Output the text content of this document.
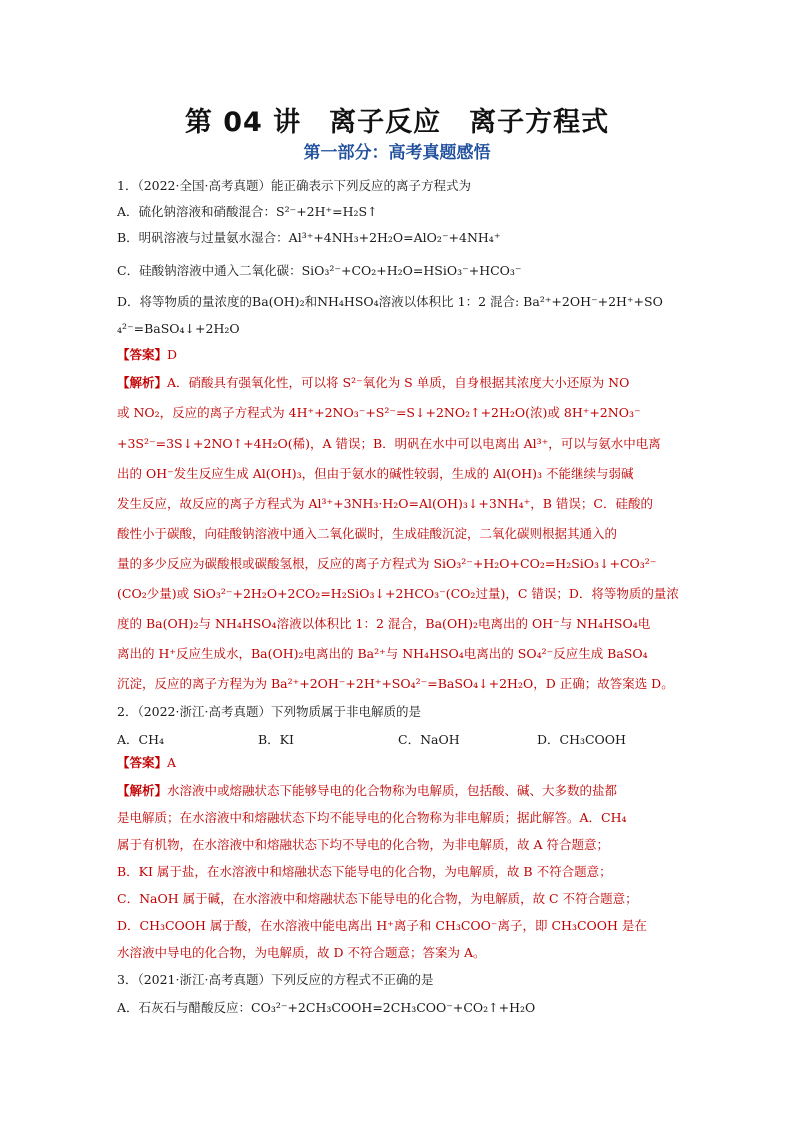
第 04 讲　离子反应　离子方程式
第一部分：高考真题感悟
1．（2022·全国·高考真题）能正确表示下列反应的离子方程式为
A．硫化钠溶液和硝酸混合：S²⁻+2H⁺=H₂S↑
B．明矾溶液与过量氨水湿合：Al³⁺+4NH₃+2H₂O=AlO₂⁻+4NH₄⁺
C．硅酸钠溶液中通入二氧化碳：SiO₃²⁻+CO₂+H₂O=HSiO₃⁻+HCO₃⁻
D．将等物质的量浓度的Ba(OH)₂和NH₄HSO₄溶液以体积比 1：2 混合: Ba²⁺+2OH⁻+2H⁺+SO
₄²⁻=BaSO₄↓+2H₂O
【答案】D
【解析】A．硝酸具有强氧化性，可以将 S²⁻氧化为 S 单质，自身根据其浓度大小还原为 NO
或 NO₂，反应的离子方程式为 4H⁺+2NO₃⁻+S²⁻=S↓+2NO₂↑+2H₂O(浓)或 8H⁺+2NO₃⁻
+3S²⁻=3S↓+2NO↑+4H₂O(稀)，A 错误；B．明矾在水中可以电离出 Al³⁺，可以与氨水中电离
出的 OH⁻发生反应生成 Al(OH)₃，但由于氨水的碱性较弱，生成的 Al(OH)₃ 不能继续与弱碱
发生反应，故反应的离子方程式为 Al³⁺+3NH₃·H₂O=Al(OH)₃↓+3NH₄⁺，B 错误；C．硅酸的
酸性小于碳酸，向硅酸钠溶液中通入二氧化碳时，生成硅酸沉淀，二氧化碳则根据其通入的
量的多少反应为碳酸根或碳酸氢根，反应的离子方程式为 SiO₃²⁻+H₂O+CO₂=H₂SiO₃↓+CO₃²⁻
(CO₂少量)或 SiO₃²⁻+2H₂O+2CO₂=H₂SiO₃↓+2HCO₃⁻(CO₂过量)，C 错误；D．将等物质的量浓
度的 Ba(OH)₂与 NH₄HSO₄溶液以体积比 1：2 混合，Ba(OH)₂电离出的 OH⁻与 NH₄HSO₄电
离出的 H⁺反应生成水，Ba(OH)₂电离出的 Ba²⁺与 NH₄HSO₄电离出的 SO₄²⁻反应生成 BaSO₄
沉淀，反应的离子方程为为 Ba²⁺+2OH⁻+2H⁺+SO₄²⁻=BaSO₄↓+2H₂O，D 正确；故答案选 D。
2．（2022·浙江·高考真题）下列物质属于非电解质的是
A．CH₄	B．KI	C．NaOH	D．CH₃COOH
【答案】A
【解析】水溶液中或熔融状态下能够导电的化合物称为电解质，包括酸、碱、大多数的盐都
是电解质；在水溶液中和熔融状态下均不能导电的化合物称为非电解质；据此解答。A．CH₄
属于有机物，在水溶液中和熔融状态下均不导电的化合物，为非电解质，故 A 符合题意；
B．KI 属于盐，在水溶液中和熔融状态下能导电的化合物，为电解质，故 B 不符合题意；
C．NaOH 属于碱，在水溶液中和熔融状态下能导电的化合物，为电解质，故 C 不符合题意；
D．CH₃COOH 属于酸，在水溶液中能电离出 H⁺离子和 CH₃COO⁻离子，即 CH₃COOH 是在
水溶液中导电的化合物，为电解质，故 D 不符合题意；答案为 A。
3．（2021·浙江·高考真题）下列反应的方程式不正确的是
A．石灰石与醋酸反应：CO₃²⁻+2CH₃COOH=2CH₃COO⁻+CO₂↑+H₂O
